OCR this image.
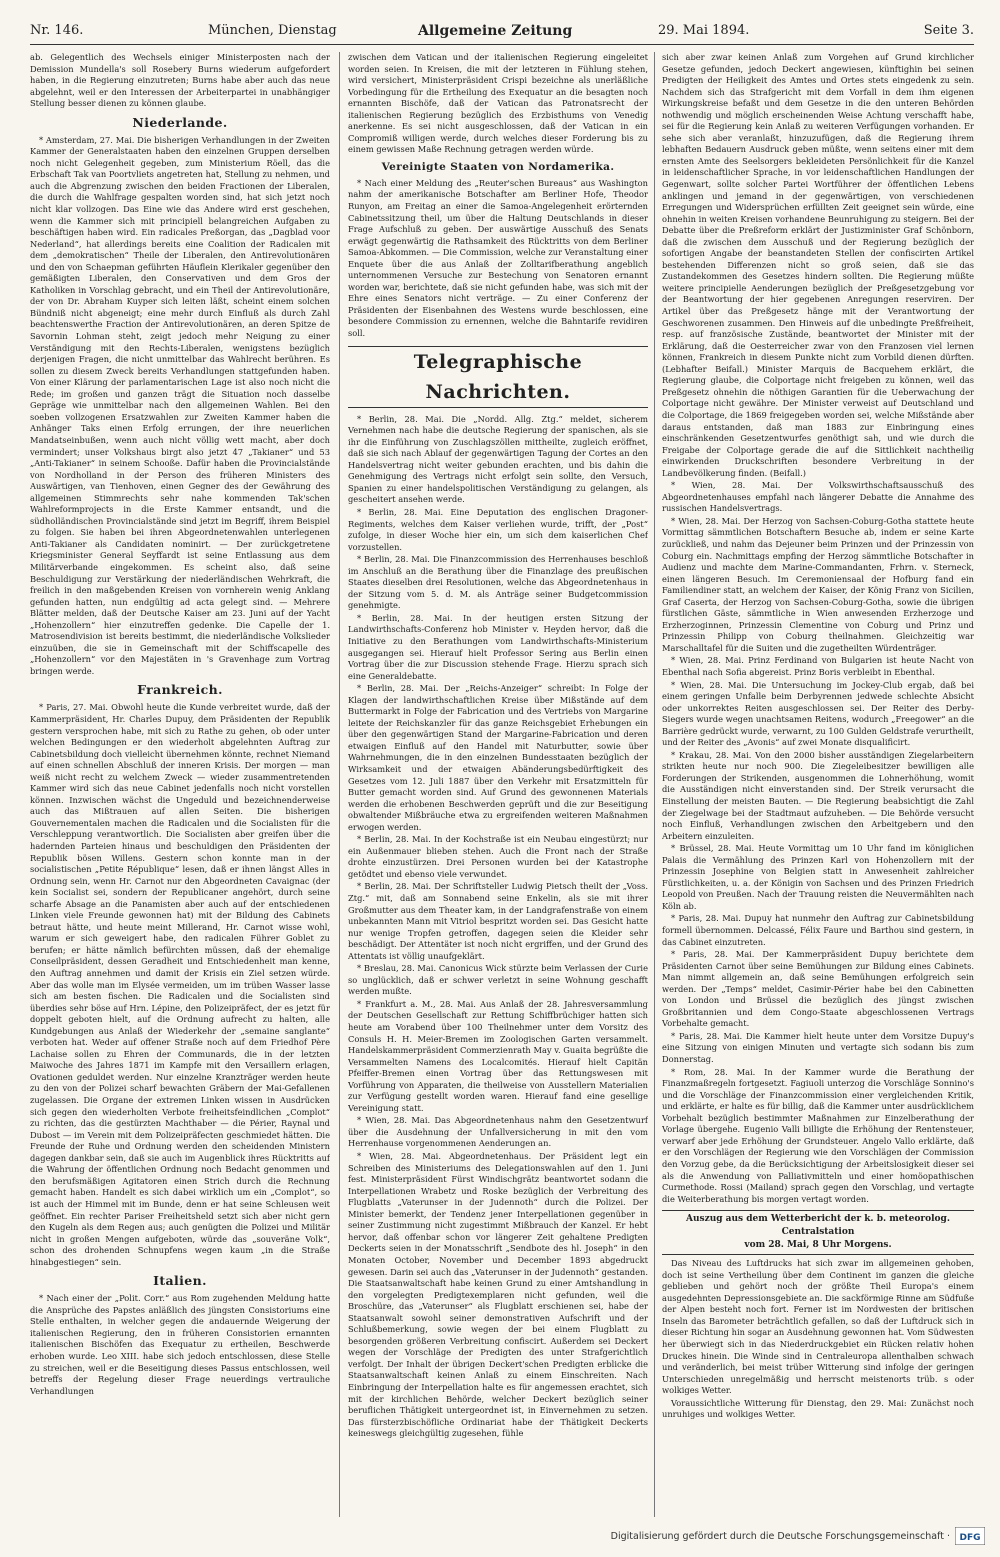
Nr. 146.	München, Dienstag	Allgemeine Zeitung	29. Mai 1894.	Seite 3.

ab. Gelegentlich des Wechsels einiger Ministerposten nach der Demission Mundella's soll Rosebery Burns wiederum aufgefordert haben, in die Regierung einzutreten; Burns habe aber auch das neue abgelehnt, weil er den Interessen der Arbeiterpartei in unabhängiger Stellung besser dienen zu können glaube.

Niederlande.

* Amsterdam, 27. Mai. Die bisherigen Verhandlungen in der Zweiten Kammer der Generalstaaten haben den einzelnen Gruppen derselben noch nicht Gelegenheit gegeben, zum Ministerium Röell, das die Erbschaft Tak van Poortvliets angetreten hat, Stellung zu nehmen, und auch die Abgrenzung zwischen den beiden Fractionen der Liberalen, die durch die Wahlfrage gespalten worden sind, hat sich jetzt noch nicht klar vollzogen. Das Eine wie das Andere wird erst geschehen, wenn die Kammer sich mit principiell belangreichen Aufgaben zu beschäftigen haben wird. Ein radicales Preßorgan, das „Dagblad voor Nederland“, hat allerdings bereits eine Coalition der Radicalen mit dem „demokratischen“ Theile der Liberalen, den Antirevolutionären und den von Schaepman geführten Häuflein Klerikaler gegenüber den gemäßigten Liberalen, den Conservativen und dem Gros der Katholiken in Vorschlag gebracht, und ein Theil der Antirevolutionäre, der von Dr. Abraham Kuyper sich leiten läßt, scheint einem solchen Bündniß nicht abgeneigt; eine mehr durch Einfluß als durch Zahl beachtenswerthe Fraction der Antirevolutionären, an deren Spitze de Savornin Lohman steht, zeigt jedoch mehr Neigung zu einer Verständigung mit den Rechts-Liberalen, wenigstens bezüglich derjenigen Fragen, die nicht unmittelbar das Wahlrecht berühren. Es sollen zu diesem Zweck bereits Verhandlungen stattgefunden haben. Von einer Klärung der parlamentarischen Lage ist also noch nicht die Rede; im großen und ganzen trägt die Situation noch dasselbe Gepräge wie unmittelbar nach den allgemeinen Wahlen. Bei den soeben vollzogenen Ersatzwahlen zur Zweiten Kammer haben die Anhänger Taks einen Erfolg errungen, der ihre neuerlichen Mandatseinbußen, wenn auch nicht völlig wett macht, aber doch vermindert; unser Volkshaus birgt also jetzt 47 „Takianer“ und 53 „Anti-Takianer“ in seinem Schooße. Dafür haben die Provincialstände von Nordholland in der Person des früheren Ministers des Auswärtigen, van Tienhoven, einen Gegner des der Gewährung des allgemeinen Stimmrechts sehr nahe kommenden Tak'schen Wahlreformprojects in die Erste Kammer entsandt, und die südholländischen Provincialstände sind jetzt im Begriff, ihrem Beispiel zu folgen. Sie haben bei ihren Abgeordnetenwahlen unterlegenen Anti-Takianer als Candidaten nominirt. — Der zurückgetretene Kriegsminister General Seyffardt ist seine Entlassung aus dem Militärverbande eingekommen. Es scheint also, daß seine Beschuldigung zur Verstärkung der niederländischen Wehrkraft, die freilich in den maßgebenden Kreisen von vornherein wenig Anklang gefunden hatten, nun endgültig ad acta gelegt sind. — Mehrere Blätter melden, daß der Deutsche Kaiser am 23. Juni auf der Yacht „Hohenzollern“ hier einzutreffen gedenke. Die Capelle der 1. Matrosendivision ist bereits bestimmt, die niederländische Volkslieder einzuüben, die sie in Gemeinschaft mit der Schiffscapelle des „Hohenzollern“ vor den Majestäten in 's Gravenhage zum Vortrag bringen werde.

Frankreich.

* Paris, 27. Mai. Obwohl heute die Kunde verbreitet wurde, daß der Kammerpräsident, Hr. Charles Dupuy, dem Präsidenten der Republik gestern versprochen habe, mit sich zu Rathe zu gehen, ob oder unter welchen Bedingungen er den wiederholt abgelehnten Auftrag zur Cabinetsbildung doch vielleicht übernehmen könnte, rechnet Niemand auf einen schnellen Abschluß der inneren Krisis. Der morgen — man weiß nicht recht zu welchem Zweck — wieder zusammentretenden Kammer wird sich das neue Cabinet jedenfalls noch nicht vorstellen können. Inzwischen wächst die Ungeduld und bezeichnenderweise auch das Mißtrauen auf allen Seiten. Die bisherigen Gouvernementalen machen die Radicalen und die Socialisten für die Verschleppung verantwortlich. Die Socialisten aber greifen über die hadernden Parteien hinaus und beschuldigen den Präsidenten der Republik bösen Willens. Gestern schon konnte man in der socialistischen „Petite République“ lesen, daß er ihnen längst Alles in Ordnung sein, wenn Hr. Carnot nur den Abgeordneten Cavaignac (der kein Socialist sei, sondern der Republicaner angehört, durch seine scharfe Absage an die Panamisten aber auch auf der entschiedenen Linken viele Freunde gewonnen hat) mit der Bildung des Cabinets betraut hätte, und heute meint Millerand, Hr. Carnot wisse wohl, warum er sich geweigert habe, den radicalen Führer Goblet zu berufen; er hätte nämlich befürchten müssen, daß der ehemalige Conseilpräsident, dessen Geradheit und Entschiedenheit man kenne, den Auftrag annehmen und damit der Krisis ein Ziel setzen würde. Aber das wolle man im Elysée vermeiden, um im trüben Wasser lasse sich am besten fischen. Die Radicalen und die Socialisten sind überdies sehr böse auf Hrn. Lépine, den Polizeipräfect, der es jetzt für doppelt geboten hielt, auf die Ordnung aufrecht zu halten, alle Kundgebungen aus Anlaß der Wiederkehr der „semaine sanglante“ verboten hat. Weder auf offener Straße noch auf dem Friedhof Père Lachaise sollen zu Ehren der Communards, die in der letzten Maiwoche des Jahres 1871 im Kampfe mit den Versaillern erlagen, Ovationen geduldet werden. Nur einzelne Kranzträger werden heute zu den von der Polizei scharf bewachten Gräbern der Mai-Gefallenen zugelassen. Die Organe der extremen Linken wissen in Ausdrücken sich gegen den wiederholten Verbote freiheitsfeindlichen „Complot“ zu richten, das die gestürzten Machthaber — die Périer, Raynal und Dubost — im Verein mit dem Polizeipräfecten geschmiedet hätten. Die Freunde der Ruhe und Ordnung werden den scheidenden Ministern dagegen dankbar sein, daß sie auch im Augenblick ihres Rücktritts auf die Wahrung der öffentlichen Ordnung noch Bedacht genommen und den berufsmäßigen Agitatoren einen Strich durch die Rechnung gemacht haben. Handelt es sich dabei wirklich um ein „Complot“, so ist auch der Himmel mit im Bunde, denn er hat seine Schleusen weit geöffnet. Ein rechter Pariser Freiheitsheld setzt sich aber nicht gern den Kugeln als dem Regen aus; auch genügten die Polizei und Militär nicht in großen Mengen aufgeboten, würde das „souveräne Volk“, schon des drohenden Schnupfens wegen kaum „in die Straße hinabgestiegen“ sein.

Italien.

* Nach einer der „Polit. Corr.“ aus Rom zugehenden Meldung hatte die Ansprüche des Papstes anläßlich des jüngsten Consistoriums eine Stelle enthalten, in welcher gegen die andauernde Weigerung der italienischen Regierung, den in früheren Consistorien ernannten italienischen Bischöfen das Exequatur zu ertheilen, Beschwerde erhoben wurde. Leo XIII. habe sich jedoch entschlossen, diese Stelle zu streichen, weil er die Beseitigung dieses Passus entschlossen, weil betreffs der Regelung dieser Frage neuerdings vertrauliche Verhandlungen

zwischen dem Vatican und der italienischen Regierung eingeleitet worden seien. In Kreisen, die mit der letzteren in Fühlung stehen, wird versichert, Ministerpräsident Crispi bezeichne als unerläßliche Vorbedingung für die Ertheilung des Exequatur an die besagten noch ernannten Bischöfe, daß der Vatican das Patronatsrecht der italienischen Regierung bezüglich des Erzbisthums von Venedig anerkenne. Es sei nicht ausgeschlossen, daß der Vatican in ein Compromiß willigen werde, durch welches dieser Forderung bis zu einem gewissen Maße Rechnung getragen werden würde.

Vereinigte Staaten von Nordamerika.

* Nach einer Meldung des „Reuter'schen Bureaus“ aus Washington nahm der amerikanische Botschafter am Berliner Hofe, Theodor Runyon, am Freitag an einer die Samoa-Angelegenheit erörternden Cabinetssitzung theil, um über die Haltung Deutschlands in dieser Frage Aufschluß zu geben. Der auswärtige Ausschuß des Senats erwägt gegenwärtig die Rathsamkeit des Rücktritts von dem Berliner Samoa-Abkommen. — Die Commission, welche zur Veranstaltung einer Enquete über die aus Anlaß der Zolltarifberathung angeblich unternommenen Versuche zur Bestechung von Senatoren ernannt worden war, berichtete, daß sie nicht gefunden habe, was sich mit der Ehre eines Senators nicht verträge. — Zu einer Conferenz der Präsidenten der Eisenbahnen des Westens wurde beschlossen, eine besondere Commission zu ernennen, welche die Bahntarife revidiren soll.

Telegraphische Nachrichten.

* Berlin, 28. Mai. Die „Nordd. Allg. Ztg.“ meldet, sicherem Vernehmen nach habe die deutsche Regierung der spanischen, als sie ihr die Einführung von Zuschlagszöllen mittheilte, zugleich eröffnet, daß sie sich nach Ablauf der gegenwärtigen Tagung der Cortes an den Handelsvertrag nicht weiter gebunden erachten, und bis dahin die Genehmigung des Vertrags nicht erfolgt sein sollte, den Versuch, Spanien zu einer handelspolitischen Verständigung zu gelangen, als gescheitert ansehen werde.

* Berlin, 28. Mai. Eine Deputation des englischen Dragoner-Regiments, welches dem Kaiser verliehen wurde, trifft, der „Post“ zufolge, in dieser Woche hier ein, um sich dem kaiserlichen Chef vorzustellen.

* Berlin, 28. Mai. Die Finanzcommission des Herrenhauses beschloß im Anschluß an die Berathung über die Finanzlage des preußischen Staates dieselben drei Resolutionen, welche das Abgeordnetenhaus in der Sitzung vom 5. d. M. als Anträge seiner Budgetcommission genehmigte.

* Berlin, 28. Mai. In der heutigen ersten Sitzung der Landwirthschafts-Conferenz hob Minister v. Heyden hervor, daß die Initiative zu den Berathungen vom Landwirthschafts-Ministerium ausgegangen sei. Hierauf hielt Professor Sering aus Berlin einen Vortrag über die zur Discussion stehende Frage. Hierzu sprach sich eine Generaldebatte.

* Berlin, 28. Mai. Der „Reichs-Anzeiger“ schreibt: In Folge der Klagen der landwirthschaftlichen Kreise über Mißstände auf dem Buttermarkt in Folge der Fabrication und des Vertriebs von Margarine leitete der Reichskanzler für das ganze Reichsgebiet Erhebungen ein über den gegenwärtigen Stand der Margarine-Fabrication und deren etwaigen Einfluß auf den Handel mit Naturbutter, sowie über Wahrnehmungen, die in den einzelnen Bundesstaaten bezüglich der Wirksamkeit und der etwaigen Abänderungsbedürftigkeit des Gesetzes vom 12. Juli 1887 über den Verkehr mit Ersatzmitteln für Butter gemacht worden sind. Auf Grund des gewonnenen Materials werden die erhobenen Beschwerden geprüft und die zur Beseitigung obwaltender Mißbräuche etwa zu ergreifenden weiteren Maßnahmen erwogen werden.

* Berlin, 28. Mai. In der Kochstraße ist ein Neubau eingestürzt; nur ein Außenmauer blieben stehen. Auch die Front nach der Straße drohte einzustürzen. Drei Personen wurden bei der Katastrophe getödtet und ebenso viele verwundet.

* Berlin, 28. Mai. Der Schriftsteller Ludwig Pietsch theilt der „Voss. Ztg.“ mit, daß am Sonnabend seine Enkelin, als sie mit ihrer Großmutter aus dem Theater kam, in der Landgrafenstraße von einem unbekannten Mann mit Vitriol bespritzt worden sei. Das Gesicht hatte nur wenige Tropfen getroffen, dagegen seien die Kleider sehr beschädigt. Der Attentäter ist noch nicht ergriffen, und der Grund des Attentats ist völlig unaufgeklärt.

* Breslau, 28. Mai. Canonicus Wick stürzte beim Verlassen der Curie so unglücklich, daß er schwer verletzt in seine Wohnung geschafft werden mußte.

* Frankfurt a. M., 28. Mai. Aus Anlaß der 28. Jahresversammlung der Deutschen Gesellschaft zur Rettung Schiffbrüchiger hatten sich heute am Vorabend über 100 Theilnehmer unter dem Vorsitz des Consuls H. H. Meier-Bremen im Zoologischen Garten versammelt. Handelskammerpräsident Commerzienrath May v. Guaita begrüßte die Versammelten Namens des Localcomités. Hierauf hielt Capitän Pfeiffer-Bremen einen Vortrag über das Rettungswesen mit Vorführung von Apparaten, die theilweise von Ausstellern Materialien zur Verfügung gestellt worden waren. Hierauf fand eine gesellige Vereinigung statt.

* Wien, 28. Mai. Das Abgeordnetenhaus nahm den Gesetzentwurf über die Ausdehnung der Unfallversicherung in mit den vom Herrenhause vorgenommenen Aenderungen an.

* Wien, 28. Mai. Abgeordnetenhaus. Der Präsident legt ein Schreiben des Ministeriums des Delegationswahlen auf den 1. Juni fest. Ministerpräsident Fürst Windischgrätz beantwortet sodann die Interpellationen Wrabetz und Roske bezüglich der Verbreitung des Flugblatts „Vaterunser in der Judennoth“ durch die Polizei. Der Minister bemerkt, der Tendenz jener Interpellationen gegenüber in seiner Zustimmung nicht zugestimmt Mißbrauch der Kanzel. Er hebt hervor, daß offenbar schon vor längerer Zeit gehaltene Predigten Deckerts seien in der Monatsschrift „Sendbote des hl. Joseph“ in den Monaten October, November und December 1893 abgedruckt gewesen. Darin sei auch das „Vaterunser in der Judennoth“ gestanden. Die Staatsanwaltschaft habe keinen Grund zu einer Amtshandlung in den vorgelegten Predigtexemplaren nicht gefunden, weil die Broschüre, das „Vaterunser“ als Flugblatt erschienen sei, habe der Staatsanwalt sowohl seiner demonstrativen Aufschrift und der Schlußbemerkung, sowie wegen der bei einem Flugblatt zu besorgenden größeren Verbreitung confiscirt. Außerdem sei Deckert wegen der Vorschläge der Predigten des unter Strafgerichtlich verfolgt. Der Inhalt der übrigen Deckert'schen Predigten erblicke die Staatsanwaltschaft keinen Anlaß zu einem Einschreiten. Nach Einbringung der Interpellation halte es für angemessen erachtet, sich mit der kirchlichen Behörde, welcher Deckert bezüglich seiner beruflichen Thätigkeit untergeordnet ist, in Einvernehmen zu setzen. Das fürsterzbischöfliche Ordinariat habe der Thätigkeit Deckerts keineswegs gleichgültig zugesehen, fühle

sich aber zwar keinen Anlaß zum Vorgehen auf Grund kirchlicher Gesetze gefunden, jedoch Deckert angewiesen, künftighin bei seinen Predigten der Heiligkeit des Amtes und Ortes stets eingedenk zu sein. Nachdem sich das Strafgericht mit dem Vorfall in dem ihm eigenen Wirkungskreise befaßt und dem Gesetze in die den unteren Behörden nothwendig und möglich erscheinenden Weise Achtung verschafft habe, sei für die Regierung kein Anlaß zu weiteren Verfügungen vorhanden. Er sehe sich aber veranlaßt, hinzuzufügen, daß die Regierung ihrem lebhaften Bedauern Ausdruck geben müßte, wenn seitens einer mit dem ernsten Amte des Seelsorgers bekleideten Persönlichkeit für die Kanzel in leidenschaftlicher Sprache, in vor leidenschaftlichen Handlungen der Gegenwart, sollte solcher Partei Wortführer der öffentlichen Lebens anklingen und jemand in der gegenwärtigen, von verschiedenen Erregungen und Widersprüchen erfüllten Zeit geeignet sein würde, eine ohnehin in weiten Kreisen vorhandene Beunruhigung zu steigern. Bei der Debatte über die Preßreform erklärt der Justizminister Graf Schönborn, daß die zwischen dem Ausschuß und der Regierung bezüglich der sofortigen Angabe der beanstandeten Stellen der confiscirten Artikel bestehenden Differenzen nicht so groß seien, daß sie das Zustandekommen des Gesetzes hindern sollten. Die Regierung müßte weitere principielle Aenderungen bezüglich der Preßgesetzgebung vor der Beantwortung der hier gegebenen Anregungen reserviren. Der Artikel über das Preßgesetz hänge mit der Verantwortung der Geschworenen zusammen. Den Hinweis auf die unbedingte Preßfreiheit, resp. auf französische Zustände, beantwortet der Minister mit der Erklärung, daß die Oesterreicher zwar von den Franzosen viel lernen können, Frankreich in diesem Punkte nicht zum Vorbild dienen dürften. (Lebhafter Beifall.) Minister Marquis de Bacquehem erklärt, die Regierung glaube, die Colportage nicht freigeben zu können, weil das Preßgesetz ohnehin die nöthigen Garantien für die Ueberwachung der Colportage nicht gewähre. Der Minister verweist auf Deutschland und die Colportage, die 1869 freigegeben worden sei, welche Mißstände aber daraus entstanden, daß man 1883 zur Einbringung eines einschränkenden Gesetzentwurfes genöthigt sah, und wie durch die Freigabe der Colportage gerade die auf die Sittlichkeit nachtheilig einwirkenden Druckschriften besondere Verbreitung in der Landbevölkerung finden. (Beifall.)

* Wien, 28. Mai. Der Volkswirthschaftsausschuß des Abgeordnetenhauses empfahl nach längerer Debatte die Annahme des russischen Handelsvertrags.

* Wien, 28. Mai. Der Herzog von Sachsen-Coburg-Gotha stattete heute Vormittag sämmtlichen Botschaftern Besuche ab, indem er seine Karte zurückließ, und nahm das Dejeuner beim Prinzen und der Prinzessin von Coburg ein. Nachmittags empfing der Herzog sämmtliche Botschafter in Audienz und machte dem Marine-Commandanten, Frhrn. v. Sterneck, einen längeren Besuch. Im Ceremoniensaal der Hofburg fand ein Familiendiner statt, an welchem der Kaiser, der König Franz von Sicilien, Graf Caserta, der Herzog von Sachsen-Coburg-Gotha, sowie die übrigen fürstlichen Gäste, sämmtliche in Wien anwesenden Erzherzoge und Erzherzoginnen, Prinzessin Clementine von Coburg und Prinz und Prinzessin Philipp von Coburg theilnahmen. Gleichzeitig war Marschalltafel für die Suiten und die zugetheilten Würdenträger.

* Wien, 28. Mai. Prinz Ferdinand von Bulgarien ist heute Nacht von Ebenthal nach Sofia abgereist. Prinz Boris verbleibt in Ebenthal.

* Wien, 28. Mai. Die Untersuchung im Jockey-Club ergab, daß bei einem geringen Unfalle beim Derbyrennen jedwede schlechte Absicht oder unkorrektes Reiten ausgeschlossen sei. Der Reiter des Derby-Siegers wurde wegen unachtsamen Reitens, wodurch „Freegower“ an die Barrière gedrückt wurde, verwarnt, zu 100 Gulden Geldstrafe verurtheilt, und der Reiter des „Avonis“ auf zwei Monate disqualificirt.

* Krakau, 28. Mai. Von den 2000 bisher ausständigen Ziegelarbeitern strikten heute nur noch 900. Die Ziegeleibesitzer bewilligen alle Forderungen der Strikenden, ausgenommen die Lohnerhöhung, womit die Ausständigen nicht einverstanden sind. Der Streik verursacht die Einstellung der meisten Bauten. — Die Regierung beabsichtigt die Zahl der Ziegelwage bei der Stadtmaut aufzuheben. — Die Behörde versucht noch Einfluß, Verhandlungen zwischen den Arbeitgebern und den Arbeitern einzuleiten.

* Brüssel, 28. Mai. Heute Vormittag um 10 Uhr fand im königlichen Palais die Vermählung des Prinzen Karl von Hohenzollern mit der Prinzessin Josephine von Belgien statt in Anwesenheit zahlreicher Fürstlichkeiten, u. a. der Königin von Sachsen und des Prinzen Friedrich Leopold von Preußen. Nach der Trauung reisten die Neuvermählten nach Köln ab.

* Paris, 28. Mai. Dupuy hat nunmehr den Auftrag zur Cabinetsbildung formell übernommen. Delcassé, Félix Faure und Barthou sind gestern, in das Cabinet einzutreten.

* Paris, 28. Mai. Der Kammerpräsident Dupuy berichtete dem Präsidenten Carnot über seine Bemühungen zur Bildung eines Cabinets. Man nimmt allgemein an, daß seine Bemühungen erfolgreich sein werden. Der „Temps“ meldet, Casimir-Périer habe bei den Cabinetten von London und Brüssel die bezüglich des jüngst zwischen Großbritannien und dem Congo-Staate abgeschlossenen Vertrags Vorbehalte gemacht.

* Paris, 28. Mai. Die Kammer hielt heute unter dem Vorsitze Dupuy's eine Sitzung von einigen Minuten und vertagte sich sodann bis zum Donnerstag.

* Rom, 28. Mai. In der Kammer wurde die Berathung der Finanzmaßregeln fortgesetzt. Fagiuoli unterzog die Vorschläge Sonnino's und die Vorschläge der Finanzcommission einer vergleichenden Kritik, und erklärte, er halte es für billig, daß die Kammer unter ausdrücklichem Vorbehalt bezüglich bestimmter Maßnahmen zur Einzelberathung der Vorlage übergehe. Eugenio Valli billigte die Erhöhung der Rentensteuer, verwarf aber jede Erhöhung der Grundsteuer. Angelo Vallo erklärte, daß er den Vorschlägen der Regierung wie den Vorschlägen der Commission den Vorzug gebe, da die Berücksichtigung der Arbeitslosigkeit dieser sei als die Anwendung von Palliativmitteln und einer homöopathischen Curmethode. Rossi (Mailand) sprach gegen den Vorschlag, und vertagte die Weiterberathung bis morgen vertagt worden.

Auszug aus dem Wetterbericht der k. b. meteorolog. Centralstation
vom 28. Mai, 8 Uhr Morgens.

Das Niveau des Luftdrucks hat sich zwar im allgemeinen gehoben, doch ist seine Vertheilung über dem Continent im ganzen die gleiche geblieben und gehört noch der größte Theil Europa's einem ausgedehnten Depressionsgebiete an. Die sackförmige Rinne am Südfuße der Alpen besteht noch fort. Ferner ist im Nordwesten der britischen Inseln das Barometer beträchtlich gefallen, so daß der Luftdruck sich in dieser Richtung hin sogar an Ausdehnung gewonnen hat. Vom Südwesten her überwiegt sich in das Niederdruckgebiet ein Rücken relativ hohen Druckes hinein. Die Winde sind in Centraleuropa allenthalben schwach und veränderlich, bei meist trüber Witterung sind infolge der geringen Unterschieden unregelmäßig und herrscht meistenorts trüb. s oder wolkiges Wetter.

Voraussichtliche Witterung für Dienstag, den 29. Mai: Zunächst noch unruhiges und wolkiges Wetter.

Digitalisierung gefördert durch die Deutsche Forschungsgemeinschaft · DFG
